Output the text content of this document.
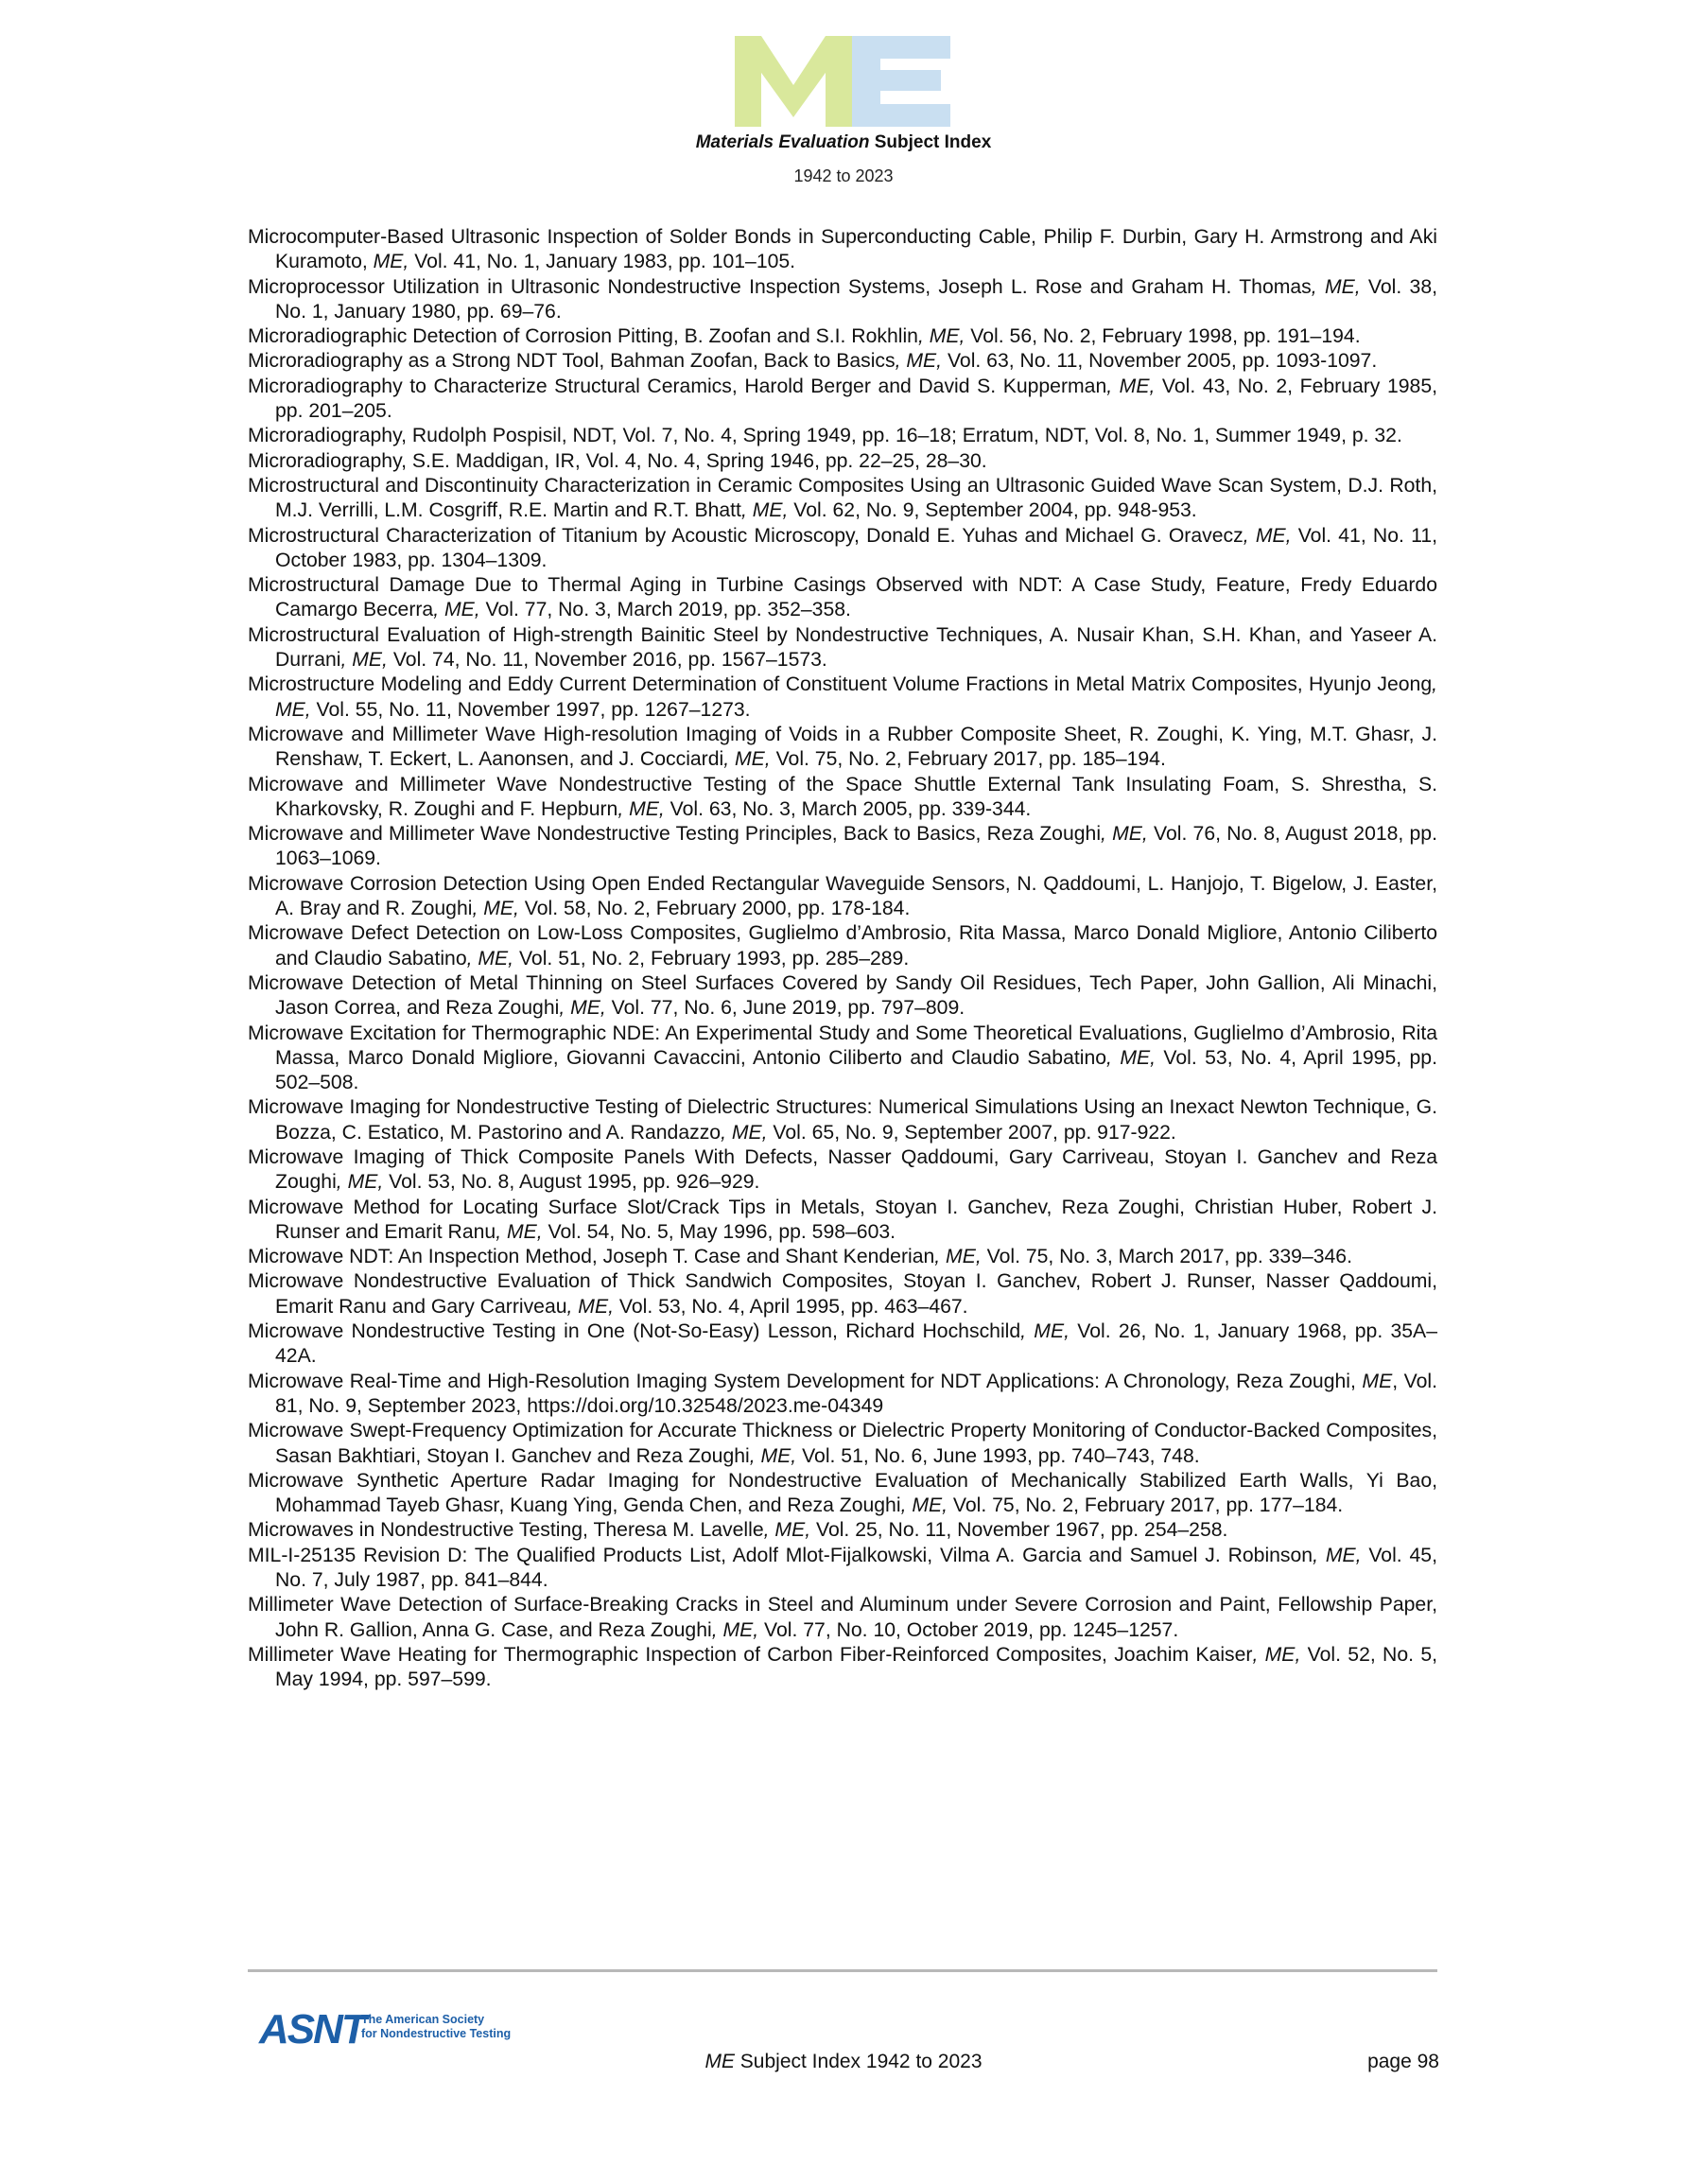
Materials Evaluation Subject Index
1942 to 2023

Microcomputer-Based Ultrasonic Inspection of Solder Bonds in Superconducting Cable, Philip F. Durbin, Gary H. Armstrong and Aki Kuramoto, ME, Vol. 41, No. 1, January 1983, pp. 101–105.

Microprocessor Utilization in Ultrasonic Nondestructive Inspection Systems, Joseph L. Rose and Graham H. Thomas, ME, Vol. 38, No. 1, January 1980, pp. 69–76.

Microradiographic Detection of Corrosion Pitting, B. Zoofan and S.I. Rokhlin, ME, Vol. 56, No. 2, February 1998, pp. 191–194.

Microradiography as a Strong NDT Tool, Bahman Zoofan, Back to Basics, ME, Vol. 63, No. 11, November 2005, pp. 1093-1097.

Microradiography to Characterize Structural Ceramics, Harold Berger and David S. Kupperman, ME, Vol. 43, No. 2, February 1985, pp. 201–205.

Microradiography, Rudolph Pospisil, NDT, Vol. 7, No. 4, Spring 1949, pp. 16–18; Erratum, NDT, Vol. 8, No. 1, Summer 1949, p. 32.

Microradiography, S.E. Maddigan, IR, Vol. 4, No. 4, Spring 1946, pp. 22–25, 28–30.

Microstructural and Discontinuity Characterization in Ceramic Composites Using an Ultrasonic Guided Wave Scan System, D.J. Roth, M.J. Verrilli, L.M. Cosgriff, R.E. Martin and R.T. Bhatt, ME, Vol. 62, No. 9, September 2004, pp. 948-953.

Microstructural Characterization of Titanium by Acoustic Microscopy, Donald E. Yuhas and Michael G. Oravecz, ME, Vol. 41, No. 11, October 1983, pp. 1304–1309.

Microstructural Damage Due to Thermal Aging in Turbine Casings Observed with NDT: A Case Study, Feature, Fredy Eduardo Camargo Becerra, ME, Vol. 77, No. 3, March 2019, pp. 352–358.

Microstructural Evaluation of High-strength Bainitic Steel by Nondestructive Techniques, A. Nusair Khan, S.H. Khan, and Yaseer A. Durrani, ME, Vol. 74, No. 11, November 2016, pp. 1567–1573.

Microstructure Modeling and Eddy Current Determination of Constituent Volume Fractions in Metal Matrix Composites, Hyunjo Jeong, ME, Vol. 55, No. 11, November 1997, pp. 1267–1273.

Microwave and Millimeter Wave High-resolution Imaging of Voids in a Rubber Composite Sheet, R. Zoughi, K. Ying, M.T. Ghasr, J. Renshaw, T. Eckert, L. Aanonsen, and J. Cocciardi, ME, Vol. 75, No. 2, February 2017, pp. 185–194.

Microwave and Millimeter Wave Nondestructive Testing of the Space Shuttle External Tank Insulating Foam, S. Shrestha, S. Kharkovsky, R. Zoughi and F. Hepburn, ME, Vol. 63, No. 3, March 2005, pp. 339-344.

Microwave and Millimeter Wave Nondestructive Testing Principles, Back to Basics, Reza Zoughi, ME, Vol. 76, No. 8, August 2018, pp. 1063–1069.

Microwave Corrosion Detection Using Open Ended Rectangular Waveguide Sensors, N. Qaddoumi, L. Hanjojo, T. Bigelow, J. Easter, A. Bray and R. Zoughi, ME, Vol. 58, No. 2, February 2000, pp. 178-184.

Microwave Defect Detection on Low-Loss Composites, Guglielmo d’Ambrosio, Rita Massa, Marco Donald Migliore, Antonio Ciliberto and Claudio Sabatino, ME, Vol. 51, No. 2, February 1993, pp. 285–289.

Microwave Detection of Metal Thinning on Steel Surfaces Covered by Sandy Oil Residues, Tech Paper, John Gallion, Ali Minachi, Jason Correa, and Reza Zoughi, ME, Vol. 77, No. 6, June 2019, pp. 797–809.

Microwave Excitation for Thermographic NDE: An Experimental Study and Some Theoretical Evaluations, Guglielmo d’Ambrosio, Rita Massa, Marco Donald Migliore, Giovanni Cavaccini, Antonio Ciliberto and Claudio Sabatino, ME, Vol. 53, No. 4, April 1995, pp. 502–508.

Microwave Imaging for Nondestructive Testing of Dielectric Structures: Numerical Simulations Using an Inexact Newton Technique, G. Bozza, C. Estatico, M. Pastorino and A. Randazzo, ME, Vol. 65, No. 9, September 2007, pp. 917-922.

Microwave Imaging of Thick Composite Panels With Defects, Nasser Qaddoumi, Gary Carriveau, Stoyan I. Ganchev and Reza Zoughi, ME, Vol. 53, No. 8, August 1995, pp. 926–929.

Microwave Method for Locating Surface Slot/Crack Tips in Metals, Stoyan I. Ganchev, Reza Zoughi, Christian Huber, Robert J. Runser and Emarit Ranu, ME, Vol. 54, No. 5, May 1996, pp. 598–603.

Microwave NDT: An Inspection Method, Joseph T. Case and Shant Kenderian, ME, Vol. 75, No. 3, March 2017, pp. 339–346.

Microwave Nondestructive Evaluation of Thick Sandwich Composites, Stoyan I. Ganchev, Robert J. Runser, Nasser Qaddoumi, Emarit Ranu and Gary Carriveau, ME, Vol. 53, No. 4, April 1995, pp. 463–467.

Microwave Nondestructive Testing in One (Not-So-Easy) Lesson, Richard Hochschild, ME, Vol. 26, No. 1, January 1968, pp. 35A–42A.

Microwave Real-Time and High-Resolution Imaging System Development for NDT Applications: A Chronology, Reza Zoughi, ME, Vol. 81, No. 9, September 2023, https://doi.org/10.32548/2023.me-04349

Microwave Swept-Frequency Optimization for Accurate Thickness or Dielectric Property Monitoring of Conductor-Backed Composites, Sasan Bakhtiari, Stoyan I. Ganchev and Reza Zoughi, ME, Vol. 51, No. 6, June 1993, pp. 740–743, 748.

Microwave Synthetic Aperture Radar Imaging for Nondestructive Evaluation of Mechanically Stabilized Earth Walls, Yi Bao, Mohammad Tayeb Ghasr, Kuang Ying, Genda Chen, and Reza Zoughi, ME, Vol. 75, No. 2, February 2017, pp. 177–184.

Microwaves in Nondestructive Testing, Theresa M. Lavelle, ME, Vol. 25, No. 11, November 1967, pp. 254–258.

MIL-I-25135 Revision D: The Qualified Products List, Adolf Mlot-Fijalkowski, Vilma A. Garcia and Samuel J. Robinson, ME, Vol. 45, No. 7, July 1987, pp. 841–844.

Millimeter Wave Detection of Surface-Breaking Cracks in Steel and Aluminum under Severe Corrosion and Paint, Fellowship Paper, John R. Gallion, Anna G. Case, and Reza Zoughi, ME, Vol. 77, No. 10, October 2019, pp. 1245–1257.

Millimeter Wave Heating for Thermographic Inspection of Carbon Fiber-Reinforced Composites, Joachim Kaiser, ME, Vol. 52, No. 5, May 1994, pp. 597–599.

ASNT
The American Society
for Nondestructive Testing
ME Subject Index 1942 to 2023	page 98
